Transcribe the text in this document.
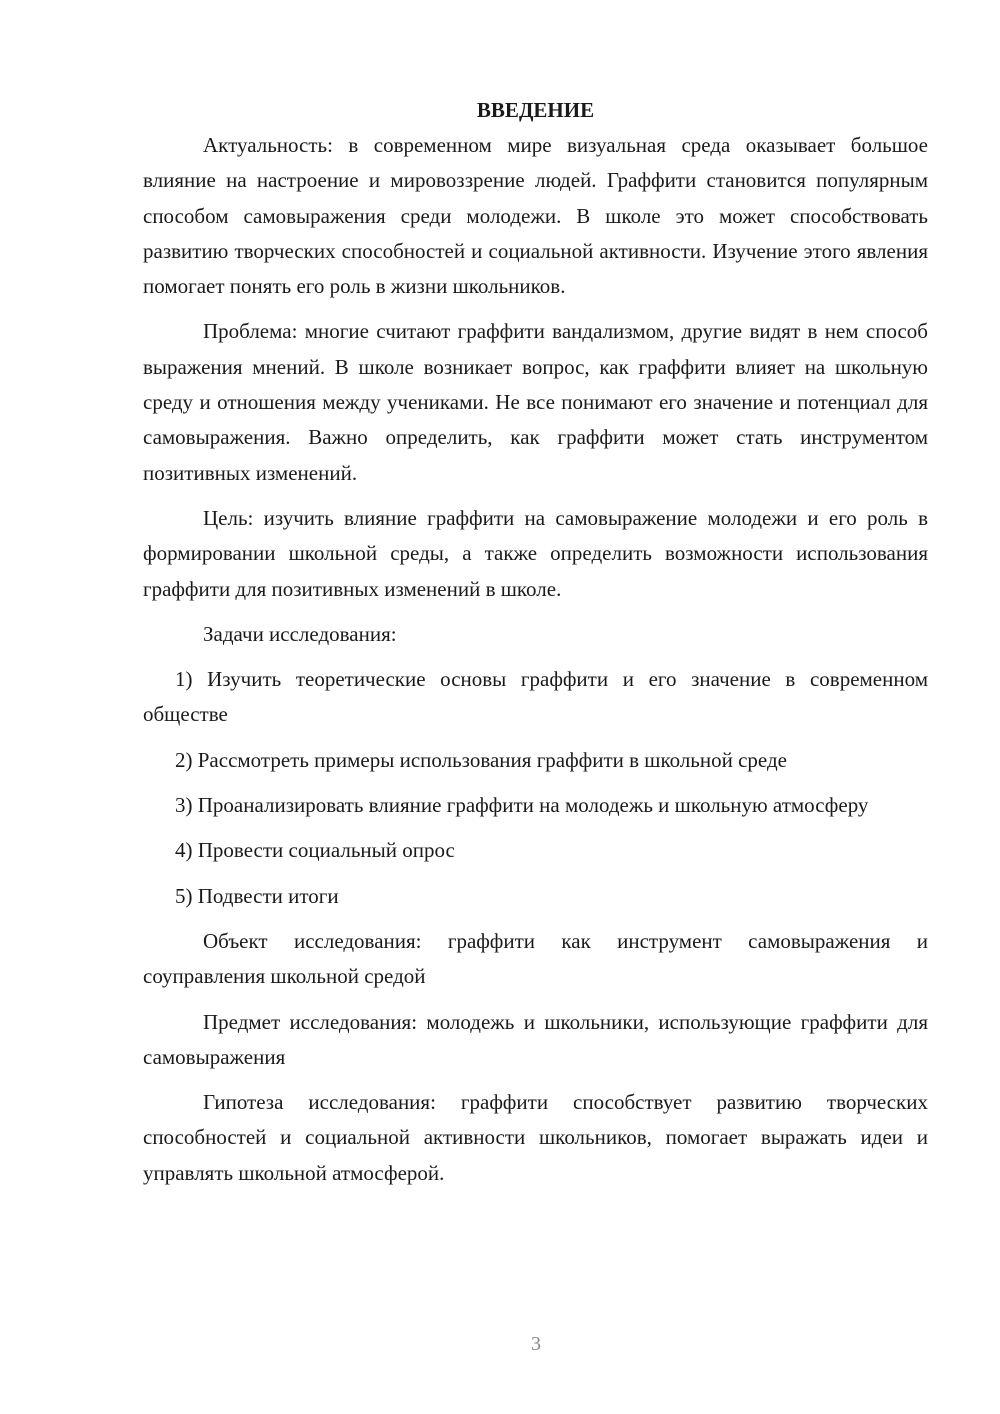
ВВЕДЕНИЕ

Актуальность: в современном мире визуальная среда оказывает большое влияние на настроение и мировоззрение людей. Граффити становится популярным способом самовыражения среди молодежи. В школе это может способствовать развитию творческих способностей и социальной активности. Изучение этого явления помогает понять его роль в жизни школьников.

Проблема: многие считают граффити вандализмом, другие видят в нем способ выражения мнений. В школе возникает вопрос, как граффити влияет на школьную среду и отношения между учениками. Не все понимают его значение и потенциал для самовыражения. Важно определить, как граффити может стать инструментом позитивных изменений.

Цель: изучить влияние граффити на самовыражение молодежи и его роль в формировании школьной среды, а также определить возможности использования граффити для позитивных изменений в школе.

Задачи исследования:

1) Изучить теоретические основы граффити и его значение в современном обществе

2) Рассмотреть примеры использования граффити в школьной среде

3) Проанализировать влияние граффити на молодежь и школьную атмосферу

4) Провести социальный опрос

5) Подвести итоги

Объект исследования: граффити как инструмент самовыражения и соуправления школьной средой

Предмет исследования: молодежь и школьники, использующие граффити для самовыражения

Гипотеза исследования: граффити способствует развитию творческих способностей и социальной активности школьников, помогает выражать идеи и управлять школьной атмосферой.

3
